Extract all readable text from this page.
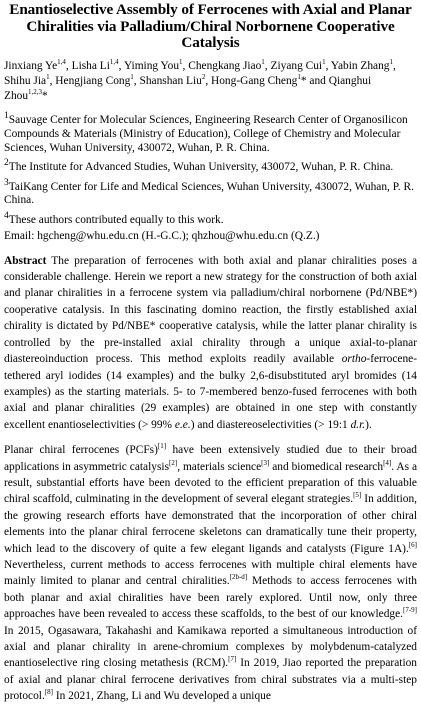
Enantioselective Assembly of Ferrocenes with Axial and Planar Chiralities via Palladium/Chiral Norbornene Cooperative Catalysis

Jinxiang Ye$^{1,4}$, Lisha Li$^{1,4}$, Yiming You$^1$, Chengkang Jiao$^1$, Ziyang Cui$^1$, Yabin Zhang$^1$, Shihu Jia$^1$, Hengjiang Cong$^1$, Shanshan Liu$^2$, Hong-Gang Cheng$^1$* and Qianghui Zhou$^{1,2,3}$*

$^1$Sauvage Center for Molecular Sciences, Engineering Research Center of Organosilicon Compounds & Materials (Ministry of Education), College of Chemistry and Molecular Sciences, Wuhan University, 430072, Wuhan, P. R. China.

$^2$The Institute for Advanced Studies, Wuhan University, 430072, Wuhan, P. R. China.

$^3$TaiKang Center for Life and Medical Sciences, Wuhan University, 430072, Wuhan, P. R. China.

$^4$These authors contributed equally to this work.

Email: hgcheng@whu.edu.cn (H.-G.C.); qhzhou@whu.edu.cn (Q.Z.)

Abstract The preparation of ferrocenes with both axial and planar chiralities poses a considerable challenge. Herein we report a new strategy for the construction of both axial and planar chiralities in a ferrocene system via palladium/chiral norbornene (Pd/NBE*) cooperative catalysis. In this fascinating domino reaction, the firstly established axial chirality is dictated by Pd/NBE* cooperative catalysis, while the latter planar chirality is controlled by the pre-installed axial chirality through a unique axial-to-planar diastereoinduction process. This method exploits readily available ortho-ferrocene-tethered aryl iodides (14 examples) and the bulky 2,6-disubstituted aryl bromides (14 examples) as the starting materials. 5- to 7-membered benzo-fused ferrocenes with both axial and planar chiralities (29 examples) are obtained in one step with constantly excellent enantioselectivities (> 99% e.e.) and diastereoselectivities (> 19:1 d.r.).

Planar chiral ferrocenes (PCFs)[1] have been extensively studied due to their broad applications in asymmetric catalysis[2], materials science[3] and biomedical research[4]. As a result, substantial efforts have been devoted to the efficient preparation of this valuable chiral scaffold, culminating in the development of several elegant strategies.[5] In addition, the growing research efforts have demonstrated that the incorporation of other chiral elements into the planar chiral ferrocene skeletons can dramatically tune their property, which lead to the discovery of quite a few elegant ligands and catalysts (Figure 1A).[6] Nevertheless, current methods to access ferrocenes with multiple chiral elements have mainly limited to planar and central chiralities.[2b-d] Methods to access ferrocenes with both planar and axial chiralities have been rarely explored. Until now, only three approaches have been revealed to access these scaffolds, to the best of our knowledge.[7-9] In 2015, Ogasawara, Takahashi and Kamikawa reported a simultaneous introduction of axial and planar chirality in arene-chromium complexes by molybdenum-catalyzed enantioselective ring closing metathesis (RCM).[7] In 2019, Jiao reported the preparation of axial and planar chiral ferrocene derivatives from chiral substrates via a multi-step protocol.[8] In 2021, Zhang, Li and Wu developed a unique
